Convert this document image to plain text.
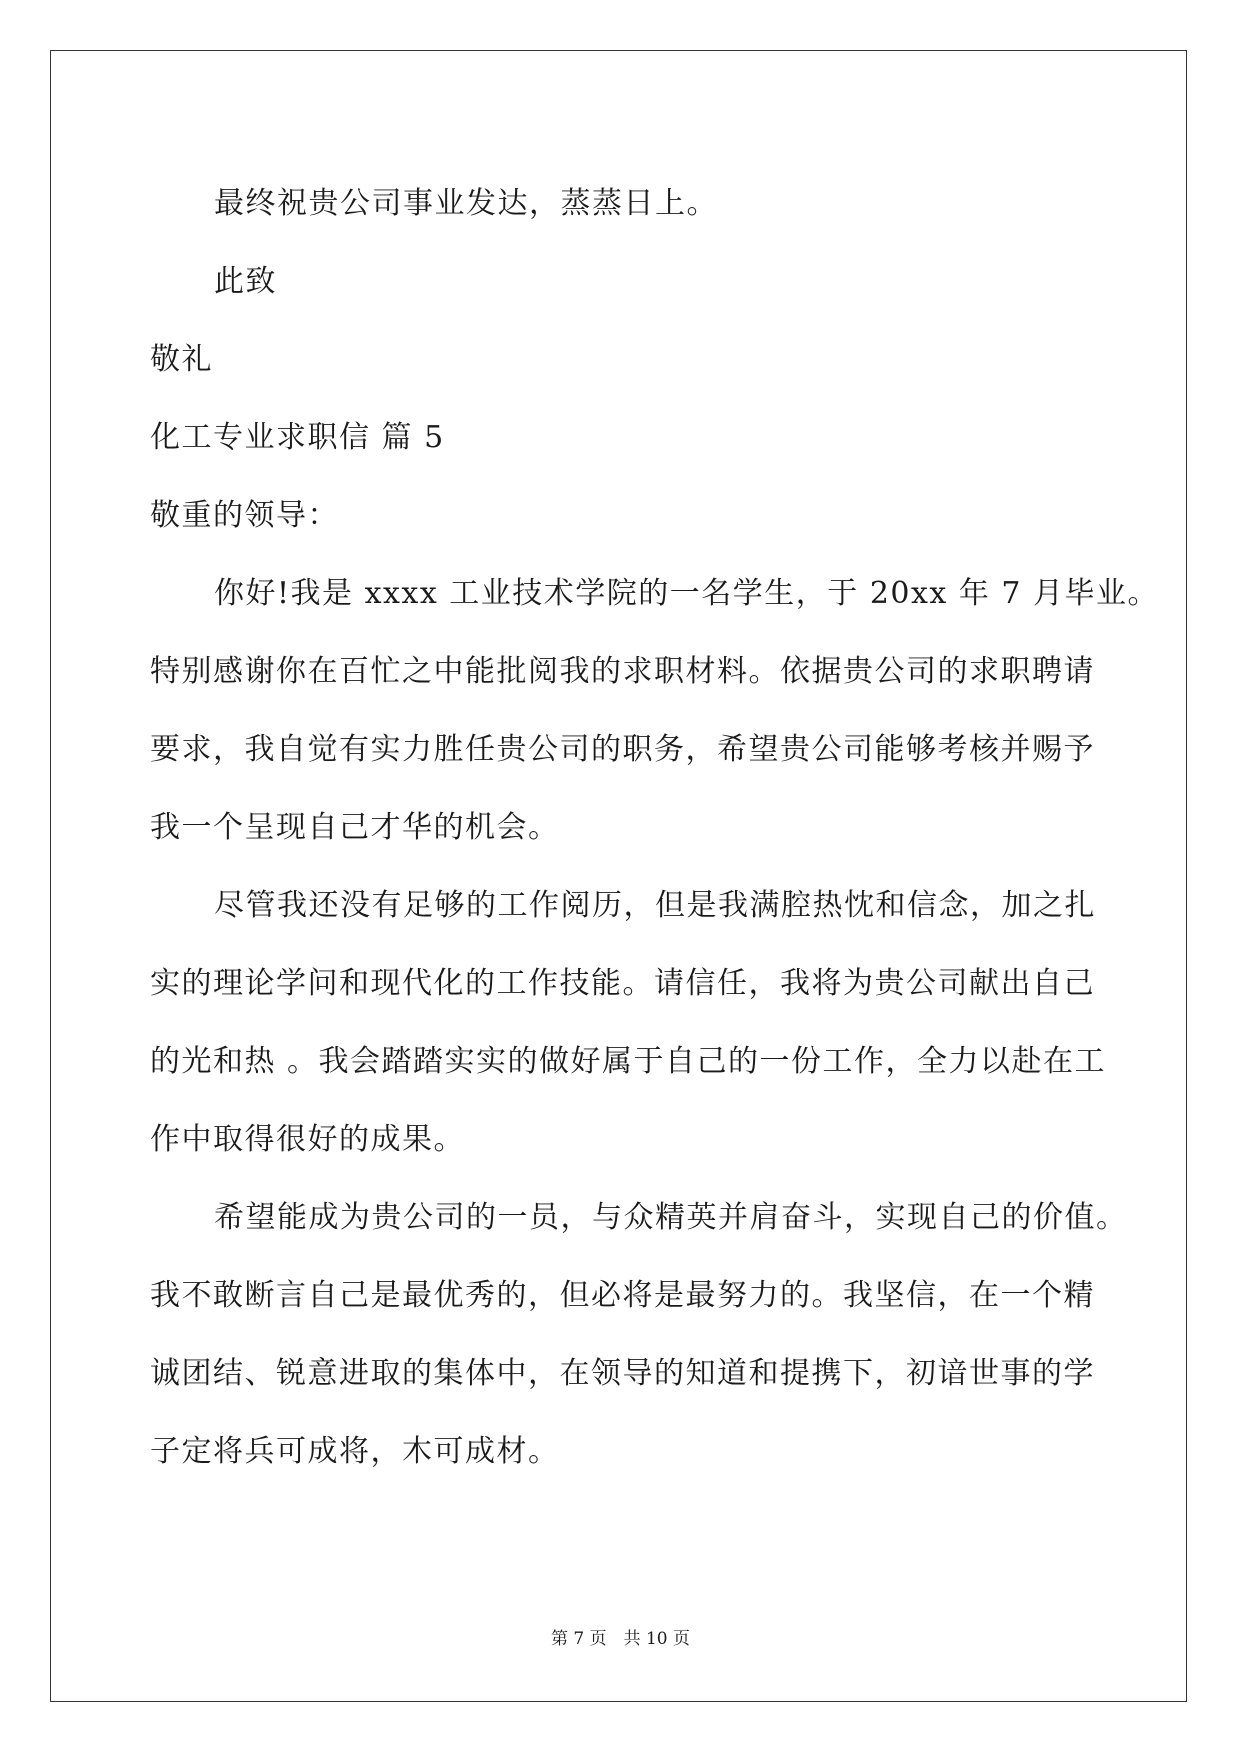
最终祝贵公司事业发达，蒸蒸日上。
此致
敬礼
化工专业求职信 篇 5
敬重的领导：
你好!我是 xxxx 工业技术学院的一名学生，于 20xx 年 7 月毕业。
特别感谢你在百忙之中能批阅我的求职材料。依据贵公司的求职聘请
要求，我自觉有实力胜任贵公司的职务，希望贵公司能够考核并赐予
我一个呈现自己才华的机会。
尽管我还没有足够的工作阅历，但是我满腔热忱和信念，加之扎
实的理论学问和现代化的工作技能。请信任，我将为贵公司献出自己
的光和热 。我会踏踏实实的做好属于自己的一份工作，全力以赴在工
作中取得很好的成果。
希望能成为贵公司的一员，与众精英并肩奋斗，实现自己的价值。
我不敢断言自己是最优秀的，但必将是最努力的。我坚信，在一个精
诚团结、锐意进取的集体中，在领导的知道和提携下，初谙世事的学
子定将兵可成将，木可成材。
第 7 页　共 10 页
